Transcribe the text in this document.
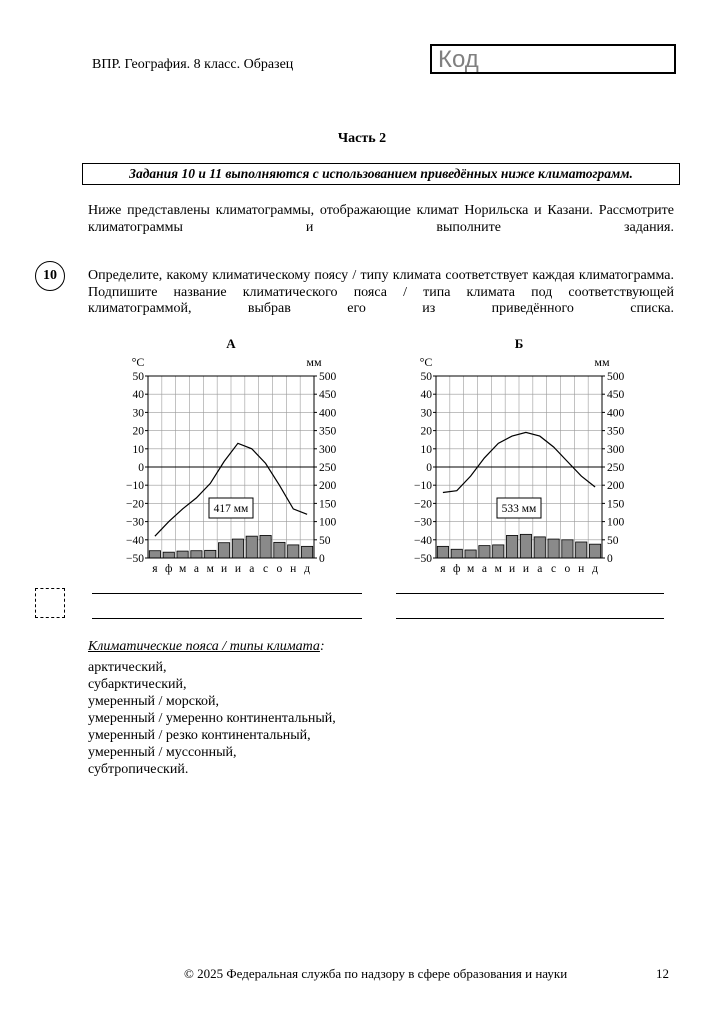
ВПР. География. 8 класс. Образец	Код
Часть 2
Задания 10 и 11 выполняются с использованием приведённых ниже климатограмм.
Ниже представлены климатограммы, отображающие климат Норильска и Казани. Рассмотрите климатограммы и выполните задания.
10	Определите, какому климатическому поясу / типу климата соответствует каждая климатограмма. Подпишите название климатического пояса / типа климата под соответствующей климатограммой, выбрав его из приведённого списка.
А
°С	мм
50
40
30
20
10
0
−10
−20
−30
−40
−50
500
450
400
350
300
250
200
150
100
50
0
я ф м а м и и а с о н д
417 мм
Б
°С	мм
50
40
30
20
10
0
−10
−20
−30
−40
−50
500
450
400
350
300
250
200
150
100
50
0
я ф м а м и и а с о н д
533 мм
Климатические пояса / типы климата:
арктический,
субарктический,
умеренный / морской,
умеренный / умеренно континентальный,
умеренный / резко континентальный,
умеренный / муссонный,
субтропический.
© 2025 Федеральная служба по надзору в сфере образования и науки	12
